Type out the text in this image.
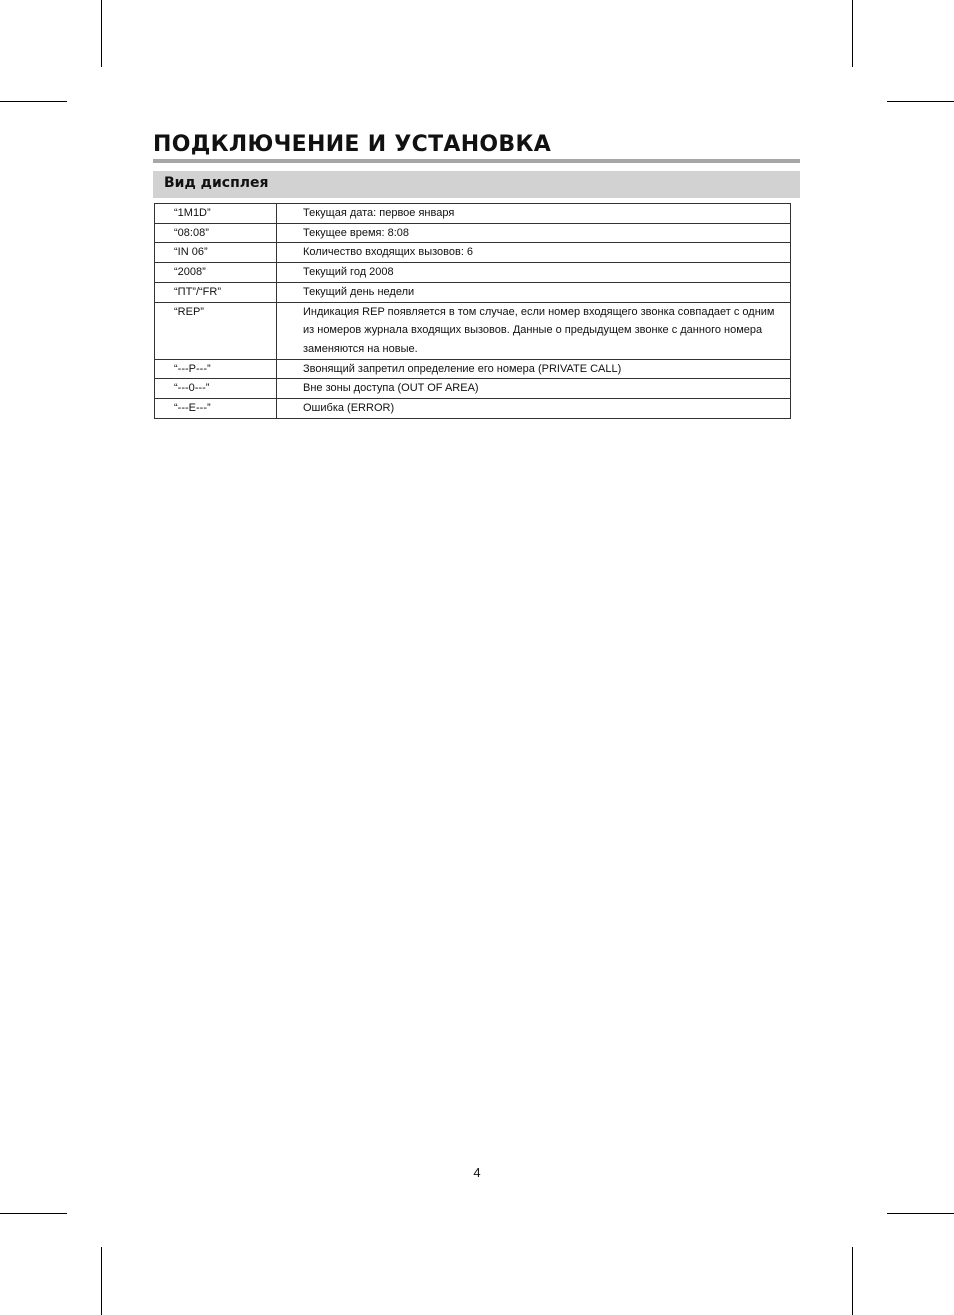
ПОДКЛЮЧЕНИЕ И УСТАНОВКА
Вид дисплея
“1M1D”	Текущая дата: первое января
“08:08”	Текущее время: 8:08
“IN 06”	Количество входящих вызовов: 6
“2008”	Текущий год 2008
“ПТ”/“FR”	Текущий день недели
“REP”	Индикация REP появляется в том случае, если номер входящего звонка совпадает с одним из номеров журнала входящих вызовов. Данные о предыдущем звонке с данного номера заменяются на новые.
“---P---”	Звонящий запретил определение его номера (PRIVATE CALL)
“---0---”	Вне зоны доступа (OUT OF AREA)
“---E---”	Ошибка (ERROR)
4
